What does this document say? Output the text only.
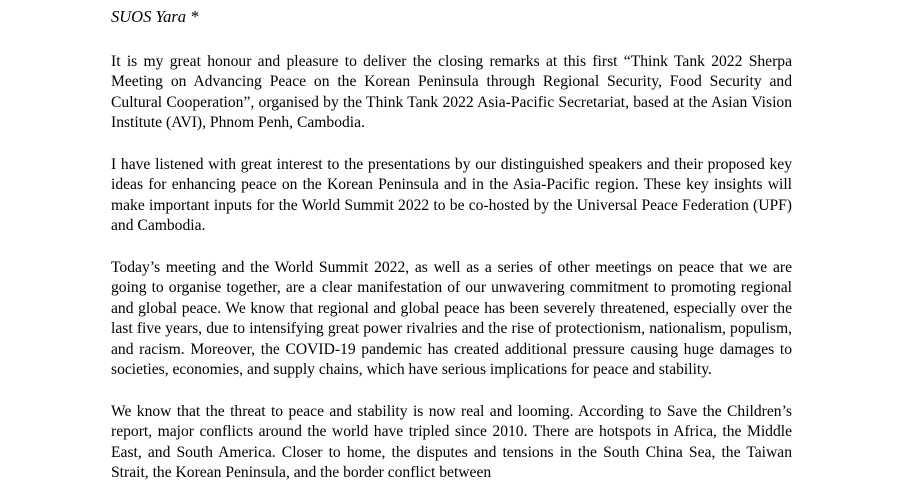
SUOS Yara *

It is my great honour and pleasure to deliver the closing remarks at this first “Think Tank 2022 Sherpa Meeting on Advancing Peace on the Korean Peninsula through Regional Security, Food Security and Cultural Cooperation”, organised by the Think Tank 2022 Asia-Pacific Secretariat, based at the Asian Vision Institute (AVI), Phnom Penh, Cambodia.

I have listened with great interest to the presentations by our distinguished speakers and their proposed key ideas for enhancing peace on the Korean Peninsula and in the Asia-Pacific region. These key insights will make important inputs for the World Summit 2022 to be co-hosted by the Universal Peace Federation (UPF) and Cambodia.

Today’s meeting and the World Summit 2022, as well as a series of other meetings on peace that we are going to organise together, are a clear manifestation of our unwavering commitment to promoting regional and global peace. We know that regional and global peace has been severely threatened, especially over the last five years, due to intensifying great power rivalries and the rise of protectionism, nationalism, populism, and racism. Moreover, the COVID-19 pandemic has created additional pressure causing huge damages to societies, economies, and supply chains, which have serious implications for peace and stability.

We know that the threat to peace and stability is now real and looming. According to Save the Children’s report, major conflicts around the world have tripled since 2010. There are hotspots in Africa, the Middle East, and South America. Closer to home, the disputes and tensions in the South China Sea, the Taiwan Strait, the Korean Peninsula, and the border conflict between
